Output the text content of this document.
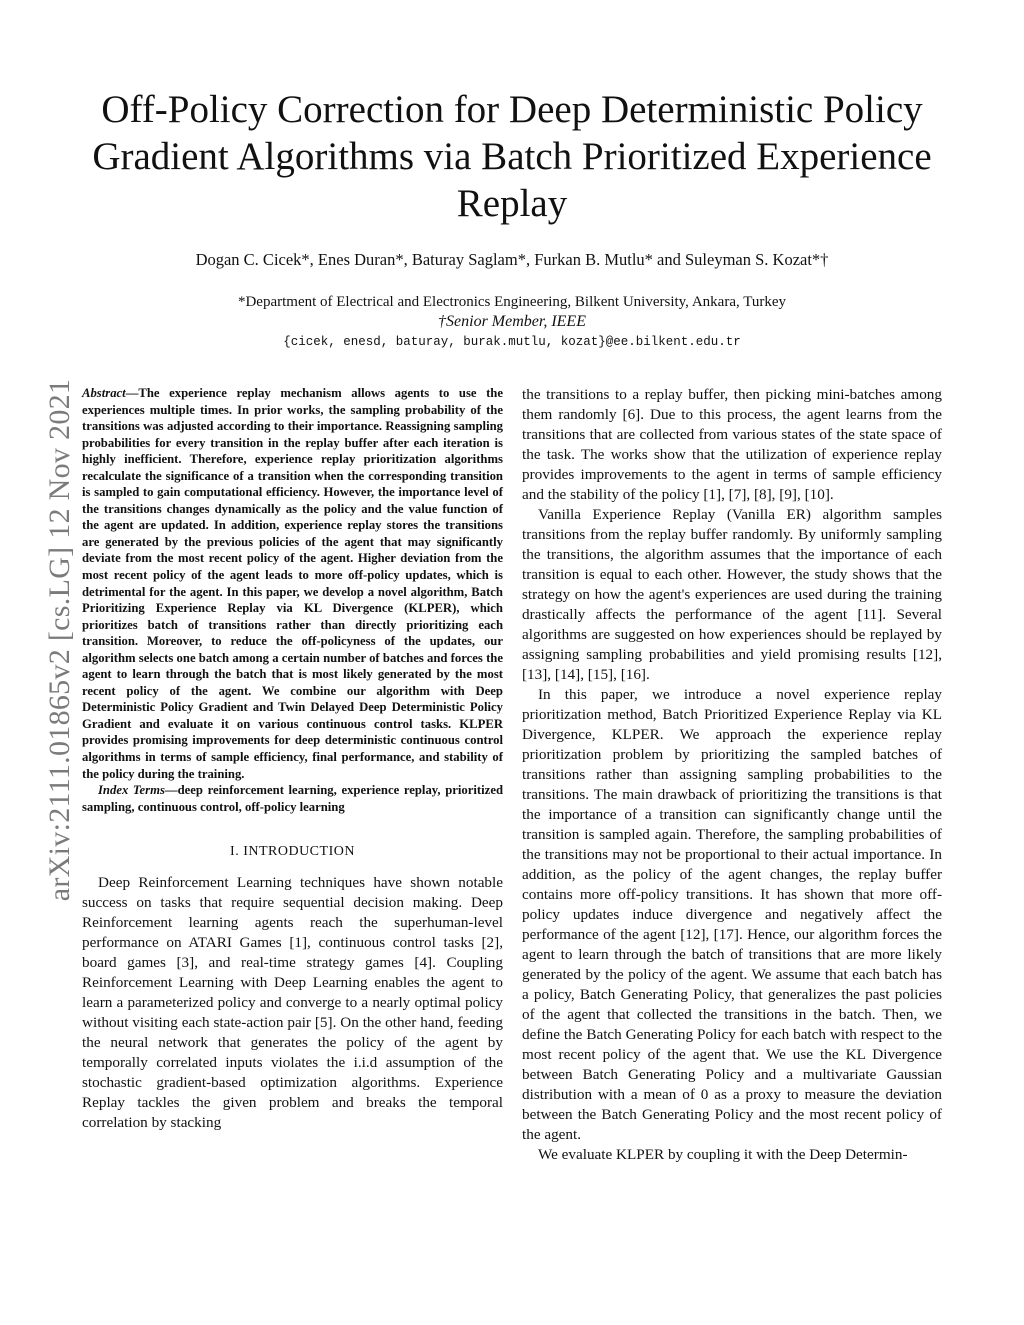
Off-Policy Correction for Deep Deterministic Policy Gradient Algorithms via Batch Prioritized Experience Replay
Dogan C. Cicek*, Enes Duran*, Baturay Saglam*, Furkan B. Mutlu* and Suleyman S. Kozat*†
*Department of Electrical and Electronics Engineering, Bilkent University, Ankara, Turkey
†Senior Member, IEEE
{cicek, enesd, baturay, burak.mutlu, kozat}@ee.bilkent.edu.tr
arXiv:2111.01865v2 [cs.LG] 12 Nov 2021 Abstract—The experience replay mechanism allows agents to use the experiences multiple times. In prior works, the sampling probability of the transitions was adjusted according to their importance. Reassigning sampling probabilities for every transition in the replay buffer after each iteration is highly inefficient. Therefore, experience replay prioritization algorithms recalculate the significance of a transition when the corresponding transition is sampled to gain computational efficiency. However, the importance level of the transitions changes dynamically as the policy and the value function of the agent are updated. In addition, experience replay stores the transitions are generated by the previous policies of the agent that may significantly deviate from the most recent policy of the agent. Higher deviation from the most recent policy of the agent leads to more off-policy updates, which is detrimental for the agent. In this paper, we develop a novel algorithm, Batch Prioritizing Experience Replay via KL Divergence (KLPER), which prioritizes batch of transitions rather than directly prioritizing each transition. Moreover, to reduce the off-policyness of the updates, our algorithm selects one batch among a certain number of batches and forces the agent to learn through the batch that is most likely generated by the most recent policy of the agent. We combine our algorithm with Deep Deterministic Policy Gradient and Twin Delayed Deep Deterministic Policy Gradient and evaluate it on various continuous control tasks. KLPER provides promising improvements for deep deterministic continuous control algorithms in terms of sample efficiency, final performance, and stability of the policy during the training.

Index Terms—deep reinforcement learning, experience replay, prioritized sampling, continuous control, off-policy learning

I. INTRODUCTION

Deep Reinforcement Learning techniques have shown notable success on tasks that require sequential decision making. Deep Reinforcement learning agents reach the superhuman-level performance on ATARI Games [1], continuous control tasks [2], board games [3], and real-time strategy games [4]. Coupling Reinforcement Learning with Deep Learning enables the agent to learn a parameterized policy and converge to a nearly optimal policy without visiting each state-action pair [5]. On the other hand, feeding the neural network that generates the policy of the agent by temporally correlated inputs violates the i.i.d assumption of the stochastic gradient-based optimization algorithms. Experience Replay tackles the given problem and breaks the temporal correlation by stacking

the transitions to a replay buffer, then picking mini-batches among them randomly [6]. Due to this process, the agent learns from the transitions that are collected from various states of the state space of the task. The works show that the utilization of experience replay provides improvements to the agent in terms of sample efficiency and the stability of the policy [1], [7], [8], [9], [10].

Vanilla Experience Replay (Vanilla ER) algorithm samples transitions from the replay buffer randomly. By uniformly sampling the transitions, the algorithm assumes that the importance of each transition is equal to each other. However, the study shows that the strategy on how the agent's experiences are used during the training drastically affects the performance of the agent [11]. Several algorithms are suggested on how experiences should be replayed by assigning sampling probabilities and yield promising results [12], [13], [14], [15], [16].

In this paper, we introduce a novel experience replay prioritization method, Batch Prioritized Experience Replay via KL Divergence, KLPER. We approach the experience replay prioritization problem by prioritizing the sampled batches of transitions rather than assigning sampling probabilities to the transitions. The main drawback of prioritizing the transitions is that the importance of a transition can significantly change until the transition is sampled again. Therefore, the sampling probabilities of the transitions may not be proportional to their actual importance. In addition, as the policy of the agent changes, the replay buffer contains more off-policy transitions. It has shown that more off-policy updates induce divergence and negatively affect the performance of the agent [12], [17]. Hence, our algorithm forces the agent to learn through the batch of transitions that are more likely generated by the policy of the agent. We assume that each batch has a policy, Batch Generating Policy, that generalizes the past policies of the agent that collected the transitions in the batch. Then, we define the Batch Generating Policy for each batch with respect to the most recent policy of the agent that. We use the KL Divergence between Batch Generating Policy and a multivariate Gaussian distribution with a mean of 0 as a proxy to measure the deviation between the Batch Generating Policy and the most recent policy of the agent.

We evaluate KLPER by coupling it with the Deep Determin-
